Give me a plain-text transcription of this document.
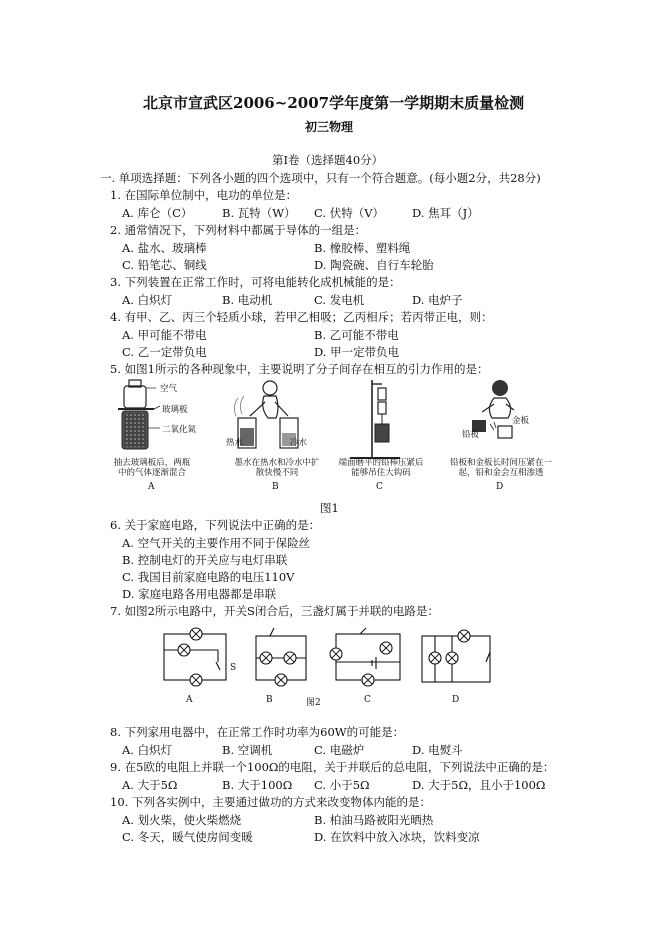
北京市宣武区2006~2007学年度第一学期期末质量检测
初三物理
第Ⅰ卷（选择题40分）
一. 单项选择题：下列各小题的四个选项中，只有一个符合题意。(每小题2分，共28分)
1. 在国际单位制中，电功的单位是：
A. 库仑（C）	B. 瓦特（W） C. 伏特（V） D. 焦耳（J）
2. 通常情况下，下列材料中都属于导体的一组是：
A. 盐水、玻璃棒	B. 橡胶棒、塑料绳
C. 铅笔芯、铜线	D. 陶瓷碗、自行车轮胎
3. 下列装置在正常工作时，可将电能转化成机械能的是：
A. 白炽灯	B. 电动机	C. 发电机	D. 电炉子
4. 有甲、乙、丙三个轻质小球，若甲乙相吸；乙丙相斥；若丙带正电，则：
A. 甲可能不带电	B. 乙可能不带电
C. 乙一定带负电	D. 甲一定带负电
5. 如图1所示的各种现象中，主要说明了分子间存在相互的引力作用的是：
空气
玻璃板
二氧化氮
热水	冷水
铅板
金板
抽去玻璃板后，两瓶中的气体逐渐混合
墨水在热水和冷水中扩散快慢不同
端面磨平的铅棒压紧后能够吊住大钩码
铅板和金板长时间压紧在一起，铅和金会互相渗透
A	B	C	D
图1
6. 关于家庭电路，下列说法中正确的是：
A. 空气开关的主要作用不同于保险丝
B. 控制电灯的开关应与电灯串联
C. 我国目前家庭电路的电压110V
D. 家庭电路各用电器都是串联
7. 如图2所示电路中，开关S闭合后，三盏灯属于并联的电路是：
S
A	B	图2	C	D
8. 下列家用电器中，在正常工作时功率为60W的可能是：
A. 白炽灯	B. 空调机	C. 电磁炉	D. 电熨斗
9. 在5欧的电阻上并联一个100Ω的电阻，关于并联后的总电阻，下列说法中正确的是：
A. 大于5Ω	B. 大于100Ω C. 小于5Ω	D. 大于5Ω，且小于100Ω
10. 下列各实例中，主要通过做功的方式来改变物体内能的是：
A. 划火柴，使火柴燃烧	B. 柏油马路被阳光晒热
C. 冬天，暖气使房间变暖	D. 在饮料中放入冰块，饮料变凉
